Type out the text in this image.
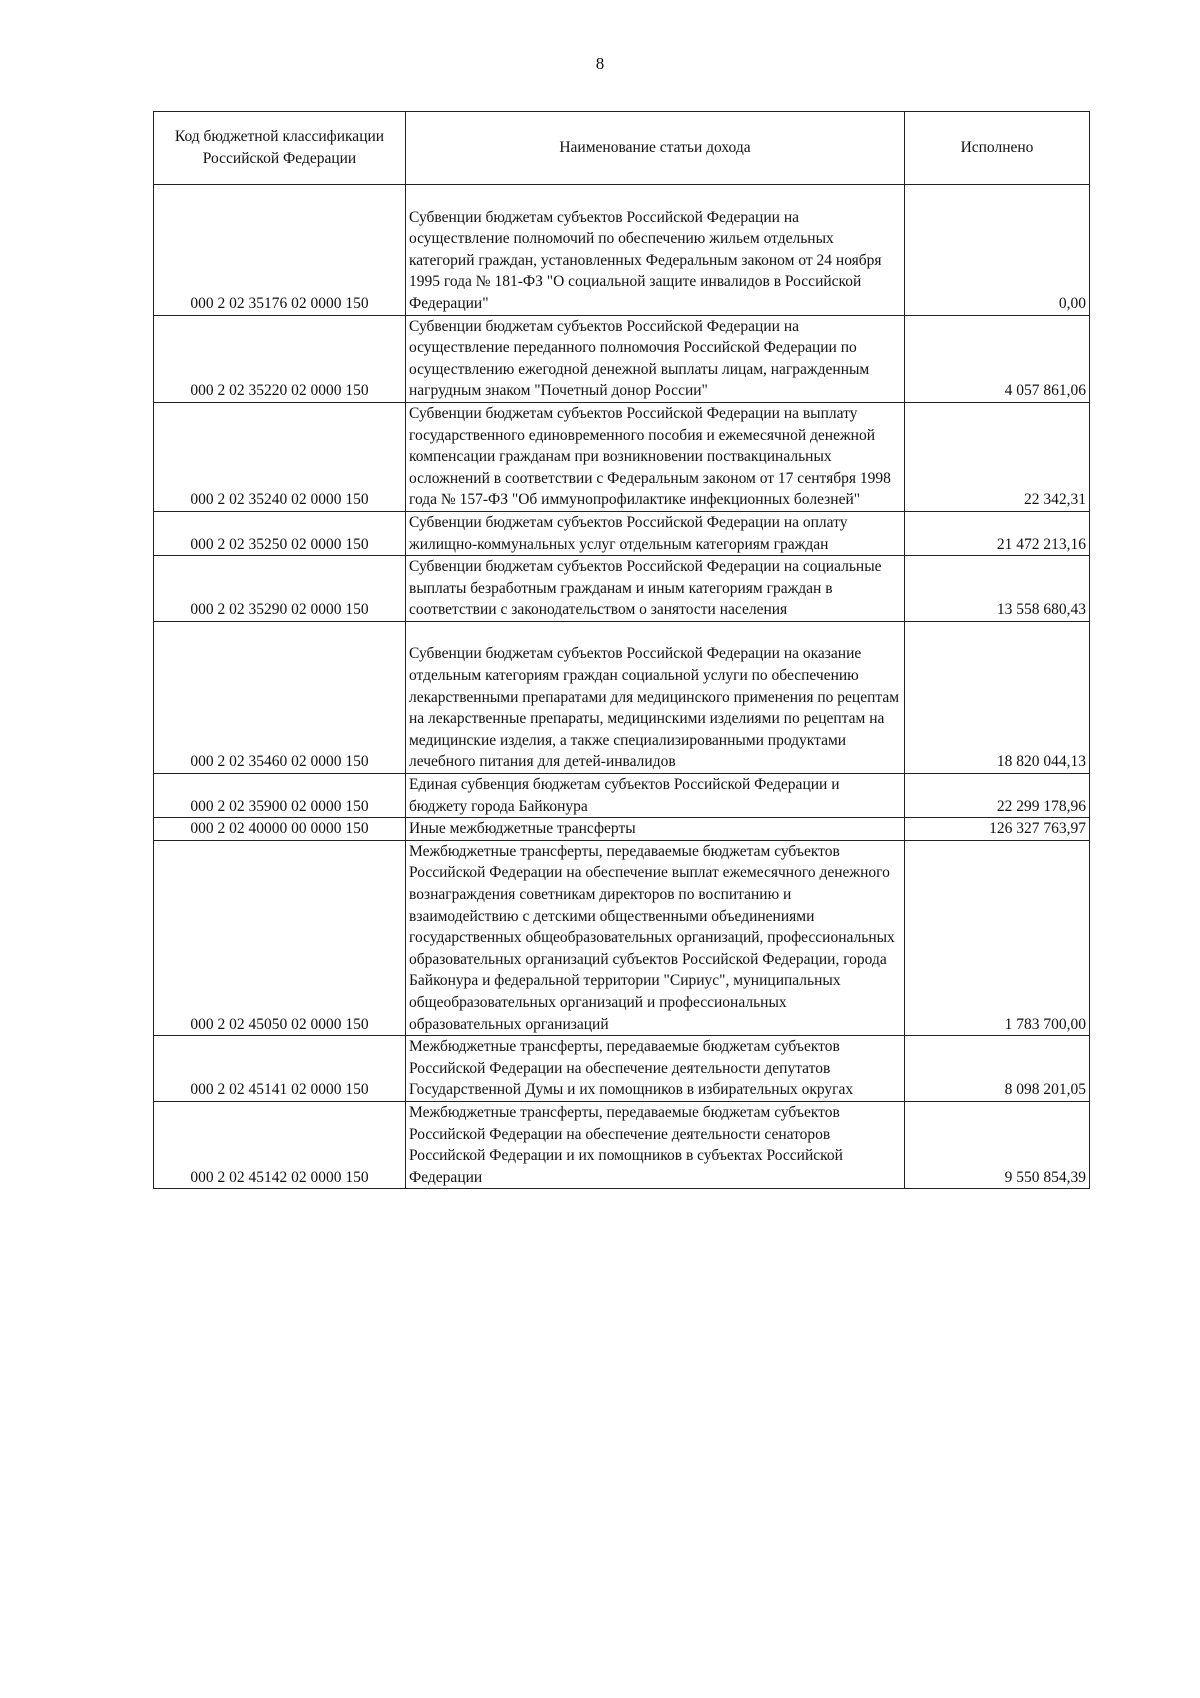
8
Код бюджетной классификации Российской Федерации	Наименование статьи дохода	Исполнено
000 2 02 35176 02 0000 150	Субвенции бюджетам субъектов Российской Федерации на осуществление полномочий по обеспечению жильем отдельных категорий граждан, установленных Федеральным законом от 24 ноября 1995 года № 181-ФЗ "О социальной защите инвалидов в Российской Федерации"	0,00
000 2 02 35220 02 0000 150	Субвенции бюджетам субъектов Российской Федерации на осуществление переданного полномочия Российской Федерации по осуществлению ежегодной денежной выплаты лицам, награжденным нагрудным знаком "Почетный донор России"	4 057 861,06
000 2 02 35240 02 0000 150	Субвенции бюджетам субъектов Российской Федерации на выплату государственного единовременного пособия и ежемесячной денежной компенсации гражданам при возникновении поствакцинальных осложнений в соответствии с Федеральным законом от 17 сентября 1998 года № 157-ФЗ "Об иммунопрофилактике инфекционных болезней"	22 342,31
000 2 02 35250 02 0000 150	Субвенции бюджетам субъектов Российской Федерации на оплату жилищно-коммунальных услуг отдельным категориям граждан	21 472 213,16
000 2 02 35290 02 0000 150	Субвенции бюджетам субъектов Российской Федерации на социальные выплаты безработным гражданам и иным категориям граждан в соответствии с законодательством о занятости населения	13 558 680,43
000 2 02 35460 02 0000 150	Субвенции бюджетам субъектов Российской Федерации на оказание отдельным категориям граждан социальной услуги по обеспечению лекарственными препаратами для медицинского применения по рецептам на лекарственные препараты, медицинскими изделиями по рецептам на медицинские изделия, а также специализированными продуктами лечебного питания для детей-инвалидов	18 820 044,13
000 2 02 35900 02 0000 150	Единая субвенция бюджетам субъектов Российской Федерации и бюджету города Байконура	22 299 178,96
000 2 02 40000 00 0000 150	Иные межбюджетные трансферты	126 327 763,97
000 2 02 45050 02 0000 150	Межбюджетные трансферты, передаваемые бюджетам субъектов Российской Федерации на обеспечение выплат ежемесячного денежного вознаграждения советникам директоров по воспитанию и взаимодействию с детскими общественными объединениями государственных общеобразовательных организаций, профессиональных образовательных организаций субъектов Российской Федерации, города Байконура и федеральной территории "Сириус", муниципальных общеобразовательных организаций и профессиональных образовательных организаций	1 783 700,00
000 2 02 45141 02 0000 150	Межбюджетные трансферты, передаваемые бюджетам субъектов Российской Федерации на обеспечение деятельности депутатов Государственной Думы и их помощников в избирательных округах	8 098 201,05
000 2 02 45142 02 0000 150	Межбюджетные трансферты, передаваемые бюджетам субъектов Российской Федерации на обеспечение деятельности сенаторов Российской Федерации и их помощников в субъектах Российской Федерации	9 550 854,39
